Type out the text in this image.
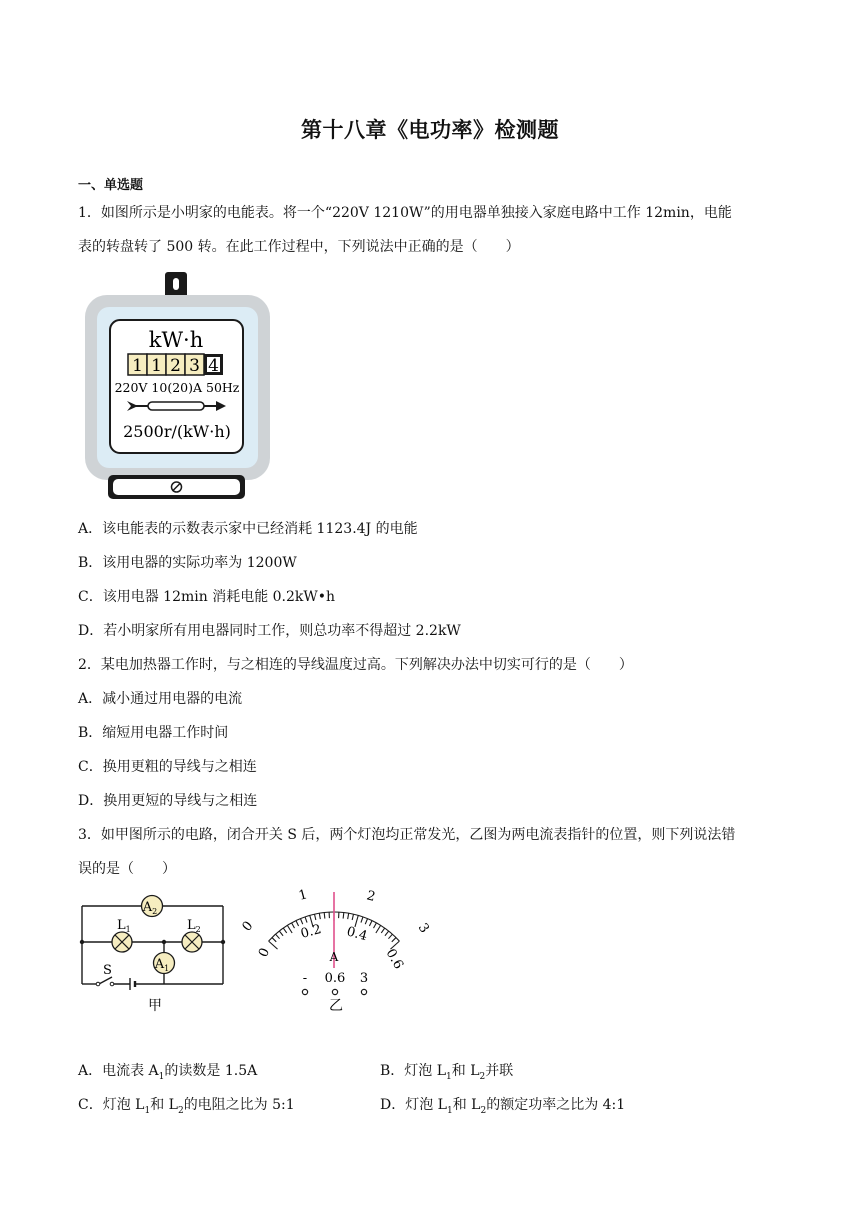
第十八章《电功率》检测题
一、单选题
1．如图所示是小明家的电能表。将一个“220V 1210W”的用电器单独接入家庭电路中工作 12min，电能
表的转盘转了 500 转。在此工作过程中，下列说法中正确的是（　　）
kW·h
1 1 2 3 4
220V 10(20)A 50Hz
2500r/(kW·h)
A．该电能表的示数表示家中已经消耗 1123.4J 的电能
B．该用电器的实际功率为 1200W
C．该用电器 12min 消耗电能 0.2kW•h
D．若小明家所有用电器同时工作，则总功率不得超过 2.2kW
2．某电加热器工作时，与之相连的导线温度过高。下列解决办法中切实可行的是（　　）
A．减小通过用电器的电流
B．缩短用电器工作时间
C．换用更粗的导线与之相连
D．换用更短的导线与之相连
3．如甲图所示的电路，闭合开关 S 后，两个灯泡均正常发光，乙图为两电流表指针的位置，则下列说法错
误的是（　　）
$A_2$
$L_1$	$L_2$
$A_1$
S
甲
0
1	2
3
0
0.2 0.4
0.6
A
- 0.6 3
乙
A．电流表 $A_1$的读数是 1.5A	B．灯泡 $L_1$和 $L_2$并联
C．灯泡 $L_1$和 $L_2$的电阻之比为 5:1	D．灯泡 $L_1$和 $L_2$的额定功率之比为 4:1
